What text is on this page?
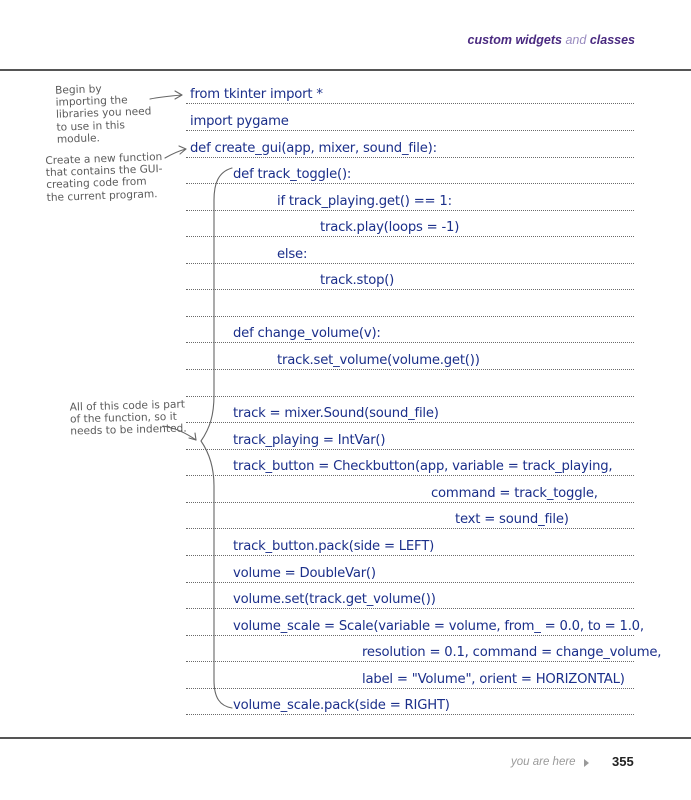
custom widgets and classes
from tkinter import *
import pygame
def create_gui(app, mixer, sound_file):
def track_toggle():
if track_playing.get() == 1:
track.play(loops = -1)
else:
track.stop()
def change_volume(v):
track.set_volume(volume.get())
track = mixer.Sound(sound_file)
track_playing = IntVar()
track_button = Checkbutton(app, variable = track_playing,
command = track_toggle,
text = sound_file)
track_button.pack(side = LEFT)
volume = DoubleVar()
volume.set(track.get_volume())
volume_scale = Scale(variable = volume, from_ = 0.0, to = 1.0,
resolution = 0.1, command = change_volume,
label = "Volume", orient = HORIZONTAL)
volume_scale.pack(side = RIGHT)
Begin by importing the libraries you need to use in this module.
Create a new function that contains the GUI-creating code from the current program.
All of this code is part of the function, so it needs to be indented.
you are here	355
